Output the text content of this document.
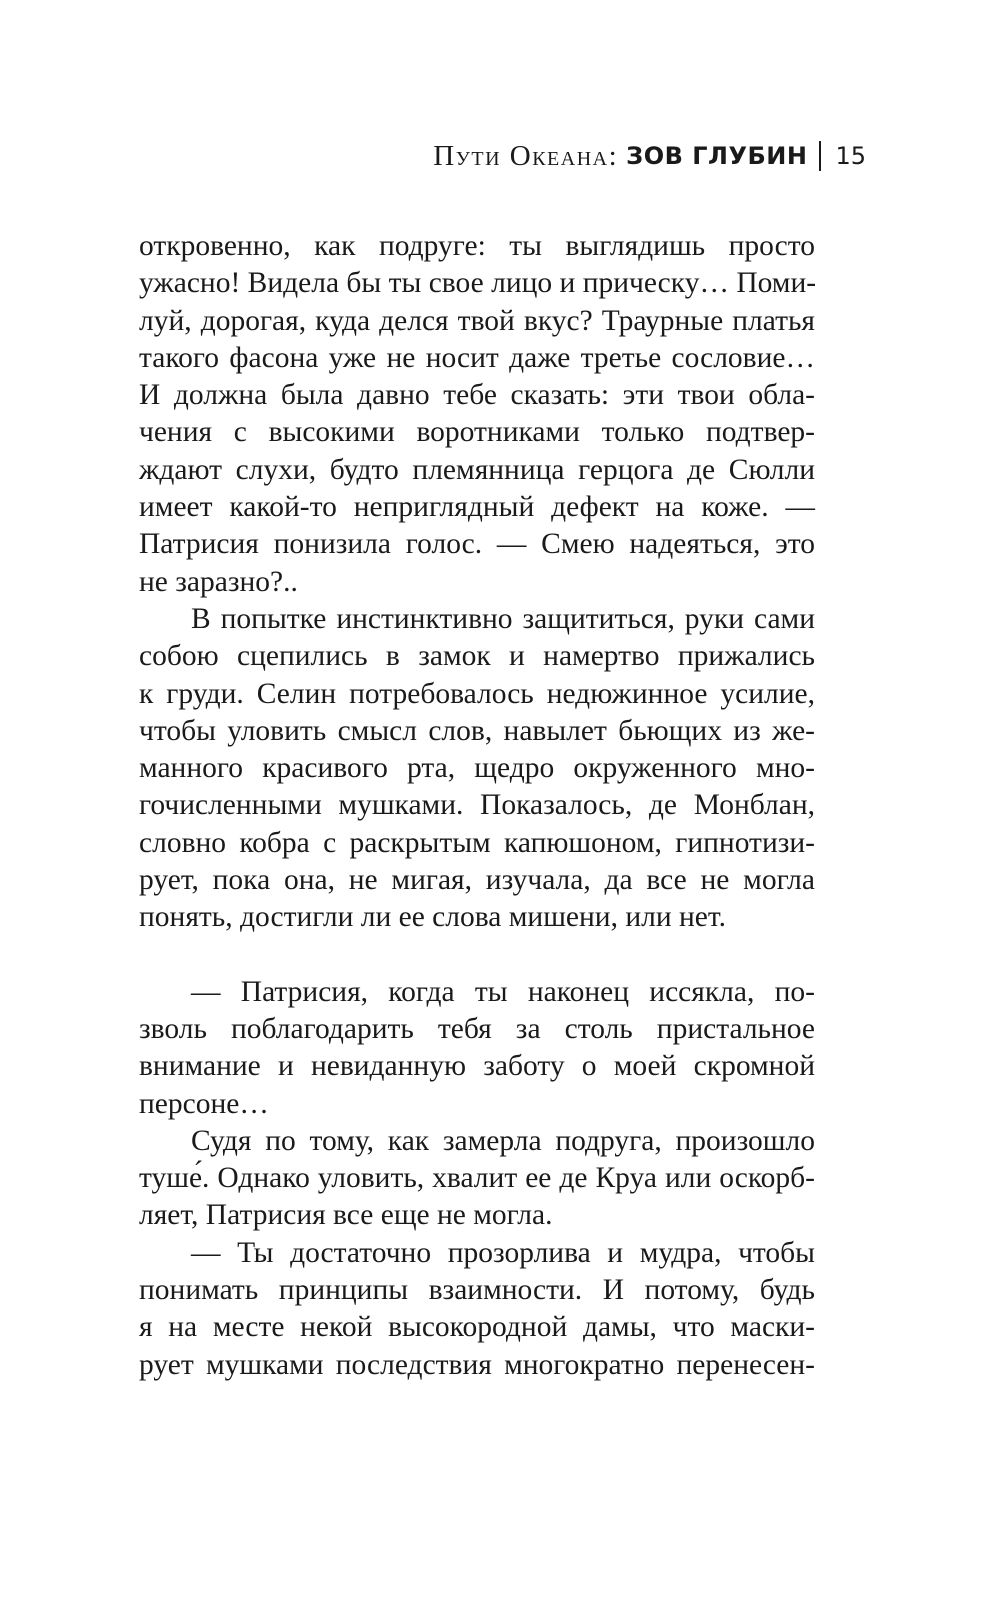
Пути Океана: ЗОВ ГЛУБИН 15
откровенно, как подруге: ты выглядишь просто
ужасно! Видела бы ты свое лицо и прическу… Поми-
луй, дорогая, куда делся твой вкус? Траурные платья
такого фасона уже не носит даже третье сословие…
И должна была давно тебе сказать: эти твои обла-
чения с высокими воротниками только подтвер-
ждают слухи, будто племянница герцога де Сюлли
имеет какой-то неприглядный дефект на коже. —
Патрисия понизила голос. — Смею надеяться, это
не заразно?..
В попытке инстинктивно защититься, руки сами
собою сцепились в замок и намертво прижались
к груди. Селин потребовалось недюжинное усилие,
чтобы уловить смысл слов, навылет бьющих из же-
манного красивого рта, щедро окруженного мно-
гочисленными мушками. Показалось, де Монблан,
словно кобра с раскрытым капюшоном, гипнотизи-
рует, пока она, не мигая, изучала, да все не могла
понять, достигли ли ее слова мишени, или нет.
— Патрисия, когда ты наконец иссякла, по-
зволь поблагодарить тебя за столь пристальное
внимание и невиданную заботу о моей скромной
персоне…
Судя по тому, как замерла подруга, произошло
туше́. Однако уловить, хвалит ее де Круа или оскорб-
ляет, Патрисия все еще не могла.
— Ты достаточно прозорлива и мудра, чтобы
понимать принципы взаимности. И потому, будь
я на месте некой высокородной дамы, что маски-
рует мушками последствия многократно перенесен-
